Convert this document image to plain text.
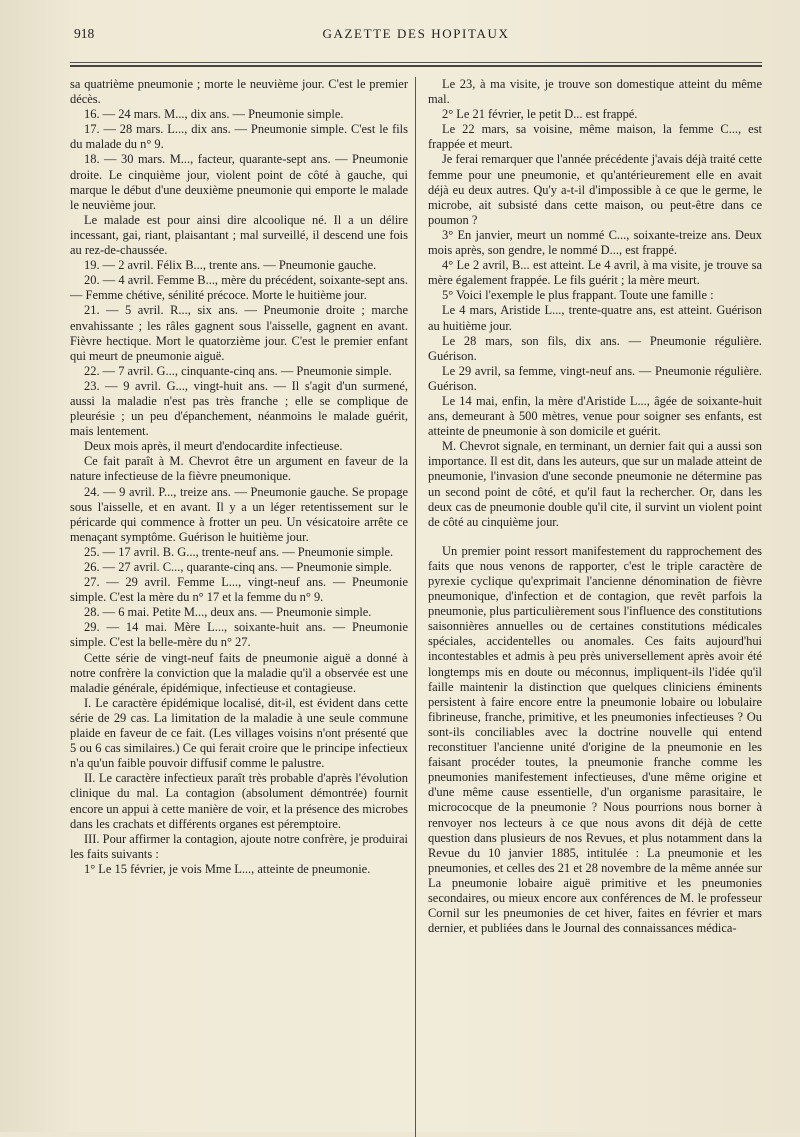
918	GAZETTE DES HOPITAUX

sa quatrième pneumonie ; morte le neuvième jour. C'est le premier décès.

16. — 24 mars. M..., dix ans. — Pneumonie simple.

17. — 28 mars. L..., dix ans. — Pneumonie simple. C'est le fils du malade du n° 9.

18. — 30 mars. M..., facteur, quarante-sept ans. — Pneumonie droite. Le cinquième jour, violent point de côté à gauche, qui marque le début d'une deuxième pneumonie qui emporte le malade le neuvième jour.

Le malade est pour ainsi dire alcoolique né. Il a un délire incessant, gai, riant, plaisantant ; mal surveillé, il descend une fois au rez-de-chaussée.

19. — 2 avril. Félix B..., trente ans. — Pneumonie gauche.

20. — 4 avril. Femme B..., mère du précédent, soixante-sept ans. — Femme chétive, sénilité précoce. Morte le huitième jour.

21. — 5 avril. R..., six ans. — Pneumonie droite ; marche envahissante ; les râles gagnent sous l'aisselle, gagnent en avant. Fièvre hectique. Mort le quatorzième jour. C'est le premier enfant qui meurt de pneumonie aiguë.

22. — 7 avril. G..., cinquante-cinq ans. — Pneumonie simple.

23. — 9 avril. G..., vingt-huit ans. — Il s'agit d'un surmené, aussi la maladie n'est pas très franche ; elle se complique de pleurésie ; un peu d'épanchement, néanmoins le malade guérit, mais lentement.

Deux mois après, il meurt d'endocardite infectieuse.

Ce fait paraît à M. Chevrot être un argument en faveur de la nature infectieuse de la fièvre pneumonique.

24. — 9 avril. P..., treize ans. — Pneumonie gauche. Se propage sous l'aisselle, et en avant. Il y a un léger retentissement sur le péricarde qui commence à frotter un peu. Un vésicatoire arrête ce menaçant symptôme. Guérison le huitième jour.

25. — 17 avril. B. G..., trente-neuf ans. — Pneumonie simple.

26. — 27 avril. C..., quarante-cinq ans. — Pneumonie simple.

27. — 29 avril. Femme L..., vingt-neuf ans. — Pneumonie simple. C'est la mère du n° 17 et la femme du n° 9.

28. — 6 mai. Petite M..., deux ans. — Pneumonie simple.

29. — 14 mai. Mère L..., soixante-huit ans. — Pneumonie simple. C'est la belle-mère du n° 27.

Cette série de vingt-neuf faits de pneumonie aiguë a donné à notre confrère la conviction que la maladie qu'il a observée est une maladie générale, épidémique, infectieuse et contagieuse.

I. Le caractère épidémique localisé, dit-il, est évident dans cette série de 29 cas. La limitation de la maladie à une seule commune plaide en faveur de ce fait. (Les villages voisins n'ont présenté que 5 ou 6 cas similaires.) Ce qui ferait croire que le principe infectieux n'a qu'un faible pouvoir diffusif comme le palustre.

II. Le caractère infectieux paraît très probable d'après l'évolution clinique du mal. La contagion (absolument démontrée) fournit encore un appui à cette manière de voir, et la présence des microbes dans les crachats et différents organes est péremptoire.

III. Pour affirmer la contagion, ajoute notre confrère, je produirai les faits suivants :

1° Le 15 février, je vois Mme L..., atteinte de pneumonie.

Le 23, à ma visite, je trouve son domestique atteint du même mal.

2° Le 21 février, le petit D... est frappé.

Le 22 mars, sa voisine, même maison, la femme C..., est frappée et meurt.

Je ferai remarquer que l'année précédente j'avais déjà traité cette femme pour une pneumonie, et qu'antérieurement elle en avait déjà eu deux autres. Qu'y a-t-il d'impossible à ce que le germe, le microbe, ait subsisté dans cette maison, ou peut-être dans ce poumon ?

3° En janvier, meurt un nommé C..., soixante-treize ans. Deux mois après, son gendre, le nommé D..., est frappé.

4° Le 2 avril, B... est atteint. Le 4 avril, à ma visite, je trouve sa mère également frappée. Le fils guérit ; la mère meurt.

5° Voici l'exemple le plus frappant. Toute une famille :

Le 4 mars, Aristide L..., trente-quatre ans, est atteint. Guérison au huitième jour.

Le 28 mars, son fils, dix ans. — Pneumonie régulière. Guérison.

Le 29 avril, sa femme, vingt-neuf ans. — Pneumonie régulière. Guérison.

Le 14 mai, enfin, la mère d'Aristide L..., âgée de soixante-huit ans, demeurant à 500 mètres, venue pour soigner ses enfants, est atteinte de pneumonie à son domicile et guérit.

M. Chevrot signale, en terminant, un dernier fait qui a aussi son importance. Il est dit, dans les auteurs, que sur un malade atteint de pneumonie, l'invasion d'une seconde pneumonie ne détermine pas un second point de côté, et qu'il faut la rechercher. Or, dans les deux cas de pneumonie double qu'il cite, il survint un violent point de côté au cinquième jour.

Un premier point ressort manifestement du rapprochement des faits que nous venons de rapporter, c'est le triple caractère de pyrexie cyclique qu'exprimait l'ancienne dénomination de fièvre pneumonique, d'infection et de contagion, que revêt parfois la pneumonie, plus particulièrement sous l'influence des constitutions saisonnières annuelles ou de certaines constitutions médicales spéciales, accidentelles ou anomales. Ces faits aujourd'hui incontestables et admis à peu près universellement après avoir été longtemps mis en doute ou méconnus, impliquent-ils l'idée qu'il faille maintenir la distinction que quelques cliniciens éminents persistent à faire encore entre la pneumonie lobaire ou lobulaire fibrineuse, franche, primitive, et les pneumonies infectieuses ? Ou sont-ils conciliables avec la doctrine nouvelle qui entend reconstituer l'ancienne unité d'origine de la pneumonie en les faisant procéder toutes, la pneumonie franche comme les pneumonies manifestement infectieuses, d'une même origine et d'une même cause essentielle, d'un organisme parasitaire, le micrococque de la pneumonie ? Nous pourrions nous borner à renvoyer nos lecteurs à ce que nous avons dit déjà de cette question dans plusieurs de nos Revues, et plus notamment dans la Revue du 10 janvier 1885, intitulée : La pneumonie et les pneumonies, et celles des 21 et 28 novembre de la même année sur La pneumonie lobaire aiguë primitive et les pneumonies secondaires, ou mieux encore aux conférences de M. le professeur Cornil sur les pneumonies de cet hiver, faites en février et mars dernier, et publiées dans le Journal des connaissances médica-
